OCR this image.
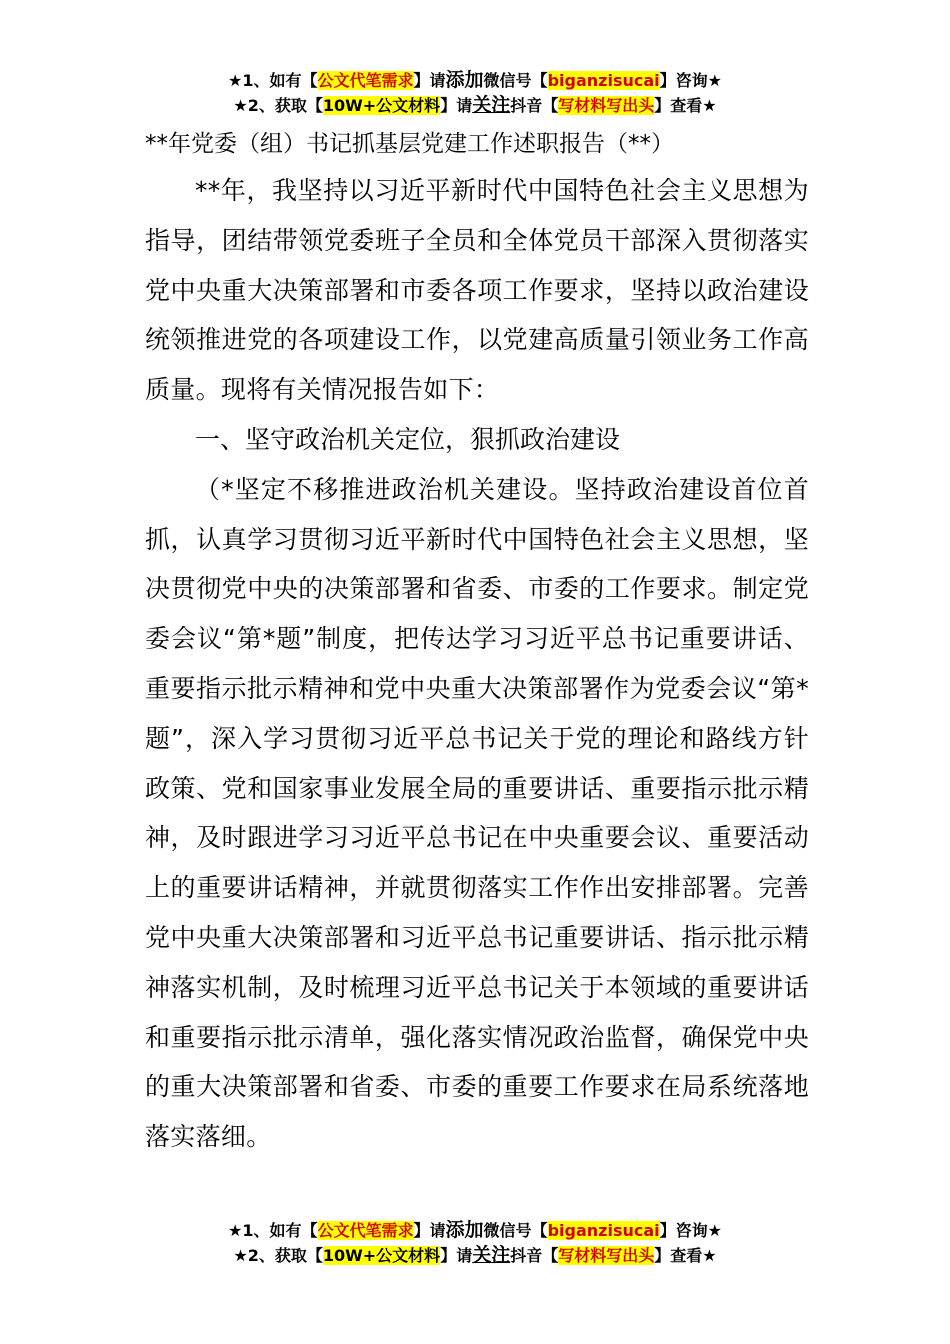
★1、如有【公文代笔需求】请添加微信号【biganzisucai】咨询★
★2、获取【10W+公文材料】请关注抖音【写材料写出头】查看★
**年党委（组）书记抓基层党建工作述职报告（**）

**年，我坚持以习近平新时代中国特色社会主义思想为指导，团结带领党委班子全员和全体党员干部深入贯彻落实党中央重大决策部署和市委各项工作要求，坚持以政治建设统领推进党的各项建设工作，以党建高质量引领业务工作高质量。现将有关情况报告如下：

一、坚守政治机关定位，狠抓政治建设

（*坚定不移推进政治机关建设。坚持政治建设首位首抓，认真学习贯彻习近平新时代中国特色社会主义思想，坚决贯彻党中央的决策部署和省委、市委的工作要求。制定党委会议“第*题”制度，把传达学习习近平总书记重要讲话、重要指示批示精神和党中央重大决策部署作为党委会议“第*题”，深入学习贯彻习近平总书记关于党的理论和路线方针政策、党和国家事业发展全局的重要讲话、重要指示批示精神，及时跟进学习习近平总书记在中央重要会议、重要活动上的重要讲话精神，并就贯彻落实工作作出安排部署。完善党中央重大决策部署和习近平总书记重要讲话、指示批示精神落实机制，及时梳理习近平总书记关于本领域的重要讲话和重要指示批示清单，强化落实情况政治监督，确保党中央的重大决策部署和省委、市委的重要工作要求在局系统落地落实落细。

★1、如有【公文代笔需求】请添加微信号【biganzisucai】咨询★
★2、获取【10W+公文材料】请关注抖音【写材料写出头】查看★
